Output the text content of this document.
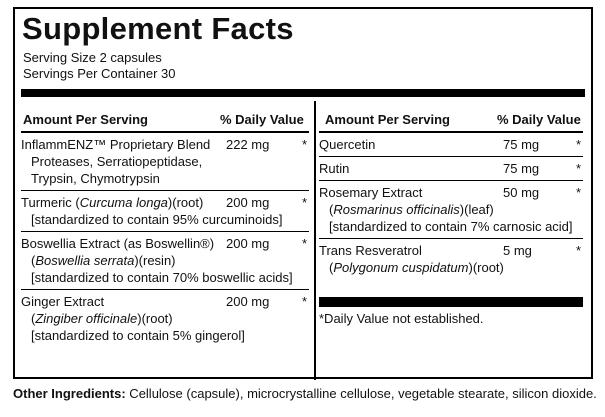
Supplement Facts
Serving Size 2 capsules
Servings Per Container 30
Amount Per Serving	% Daily Value
InflammENZ™ Proprietary Blend
Proteases, Serratiopeptidase,
Trypsin, Chymotrypsin
222 mg	*
Turmeric (Curcuma longa)(root)
[standardized to contain 95% curcuminoids]
200 mg	*
Boswellia Extract (as Boswellin®)
(Boswellia serrata)(resin)
[standardized to contain 70% boswellic acids]
200 mg	*
Ginger Extract
(Zingiber officinale)(root)
[standardized to contain 5% gingerol]
200 mg	*
Amount Per Serving	% Daily Value
Quercetin	75 mg	*
Rutin	75 mg	*
Rosemary Extract
(Rosmarinus officinalis)(leaf)
[standardized to contain 7% carnosic acid]
50 mg	*
Trans Resveratrol
(Polygonum cuspidatum)(root)
5 mg	*
*Daily Value not established.
Other Ingredients: Cellulose (capsule), microcrystalline cellulose, vegetable stearate, silicon dioxide.
